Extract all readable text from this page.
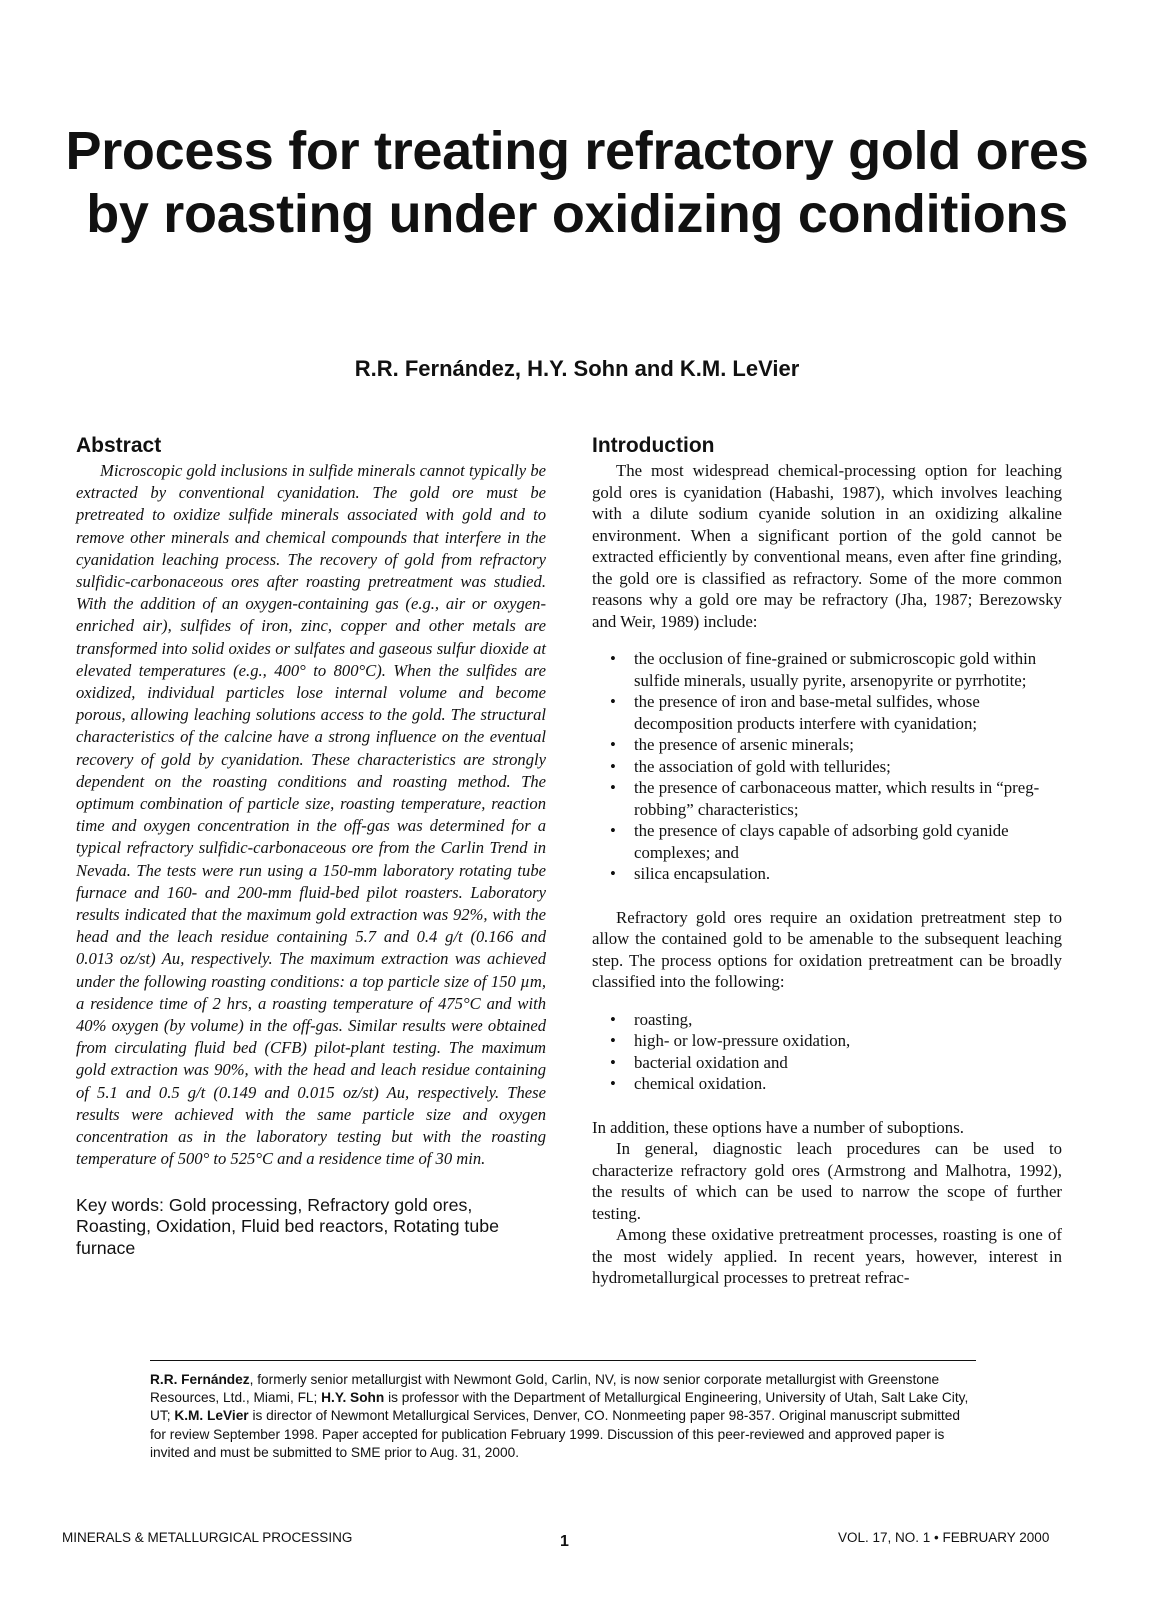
Process for treating refractory gold ores by roasting under oxidizing conditions

R.R. Fernández, H.Y. Sohn and K.M. LeVier

Abstract

Microscopic gold inclusions in sulfide minerals cannot typically be extracted by conventional cyanidation. The gold ore must be pretreated to oxidize sulfide minerals associated with gold and to remove other minerals and chemical compounds that interfere in the cyanidation leaching process. The recovery of gold from refractory sulfidic-carbonaceous ores after roasting pretreatment was studied. With the addition of an oxygen-containing gas (e.g., air or oxygen-enriched air), sulfides of iron, zinc, copper and other metals are transformed into solid oxides or sulfates and gaseous sulfur dioxide at elevated temperatures (e.g., 400° to 800°C). When the sulfides are oxidized, individual particles lose internal volume and become porous, allowing leaching solutions access to the gold. The structural characteristics of the calcine have a strong influence on the eventual recovery of gold by cyanidation. These characteristics are strongly dependent on the roasting conditions and roasting method. The optimum combination of particle size, roasting temperature, reaction time and oxygen concentration in the off-gas was determined for a typical refractory sulfidic-carbonaceous ore from the Carlin Trend in Nevada. The tests were run using a 150-mm laboratory rotating tube furnace and 160- and 200-mm fluid-bed pilot roasters. Laboratory results indicated that the maximum gold extraction was 92%, with the head and the leach residue containing 5.7 and 0.4 g/t (0.166 and 0.013 oz/st) Au, respectively. The maximum extraction was achieved under the following roasting conditions: a top particle size of 150 µm, a residence time of 2 hrs, a roasting temperature of 475°C and with 40% oxygen (by volume) in the off-gas. Similar results were obtained from circulating fluid bed (CFB) pilot-plant testing. The maximum gold extraction was 90%, with the head and leach residue containing of 5.1 and 0.5 g/t (0.149 and 0.015 oz/st) Au, respectively. These results were achieved with the same particle size and oxygen concentration as in the laboratory testing but with the roasting temperature of 500° to 525°C and a residence time of 30 min.

Key words: Gold processing, Refractory gold ores, Roasting, Oxidation, Fluid bed reactors, Rotating tube furnace

Introduction

The most widespread chemical-processing option for leaching gold ores is cyanidation (Habashi, 1987), which involves leaching with a dilute sodium cyanide solution in an oxidizing alkaline environment. When a significant portion of the gold cannot be extracted efficiently by conventional means, even after fine grinding, the gold ore is classified as refractory. Some of the more common reasons why a gold ore may be refractory (Jha, 1987; Berezowsky and Weir, 1989) include:

• the occlusion of fine-grained or submicroscopic gold within sulfide minerals, usually pyrite, arsenopyrite or pyrrhotite;
• the presence of iron and base-metal sulfides, whose decomposition products interfere with cyanidation;
• the presence of arsenic minerals;
• the association of gold with tellurides;
• the presence of carbonaceous matter, which results in “preg-robbing” characteristics;
• the presence of clays capable of adsorbing gold cyanide complexes; and
• silica encapsulation.

Refractory gold ores require an oxidation pretreatment step to allow the contained gold to be amenable to the subsequent leaching step. The process options for oxidation pretreatment can be broadly classified into the following:

• roasting,
• high- or low-pressure oxidation,
• bacterial oxidation and
• chemical oxidation.

In addition, these options have a number of suboptions.

In general, diagnostic leach procedures can be used to characterize refractory gold ores (Armstrong and Malhotra, 1992), the results of which can be used to narrow the scope of further testing.

Among these oxidative pretreatment processes, roasting is one of the most widely applied. In recent years, however, interest in hydrometallurgical processes to pretreat refrac-

R.R. Fernández, formerly senior metallurgist with Newmont Gold, Carlin, NV, is now senior corporate metallurgist with Greenstone Resources, Ltd., Miami, FL; H.Y. Sohn is professor with the Department of Metallurgical Engineering, University of Utah, Salt Lake City, UT; K.M. LeVier is director of Newmont Metallurgical Services, Denver, CO. Nonmeeting paper 98-357. Original manuscript submitted for review September 1998. Paper accepted for publication February 1999. Discussion of this peer-reviewed and approved paper is invited and must be submitted to SME prior to Aug. 31, 2000.

MINERALS & METALLURGICAL PROCESSING	1	VOL. 17, NO. 1 • FEBRUARY 2000
